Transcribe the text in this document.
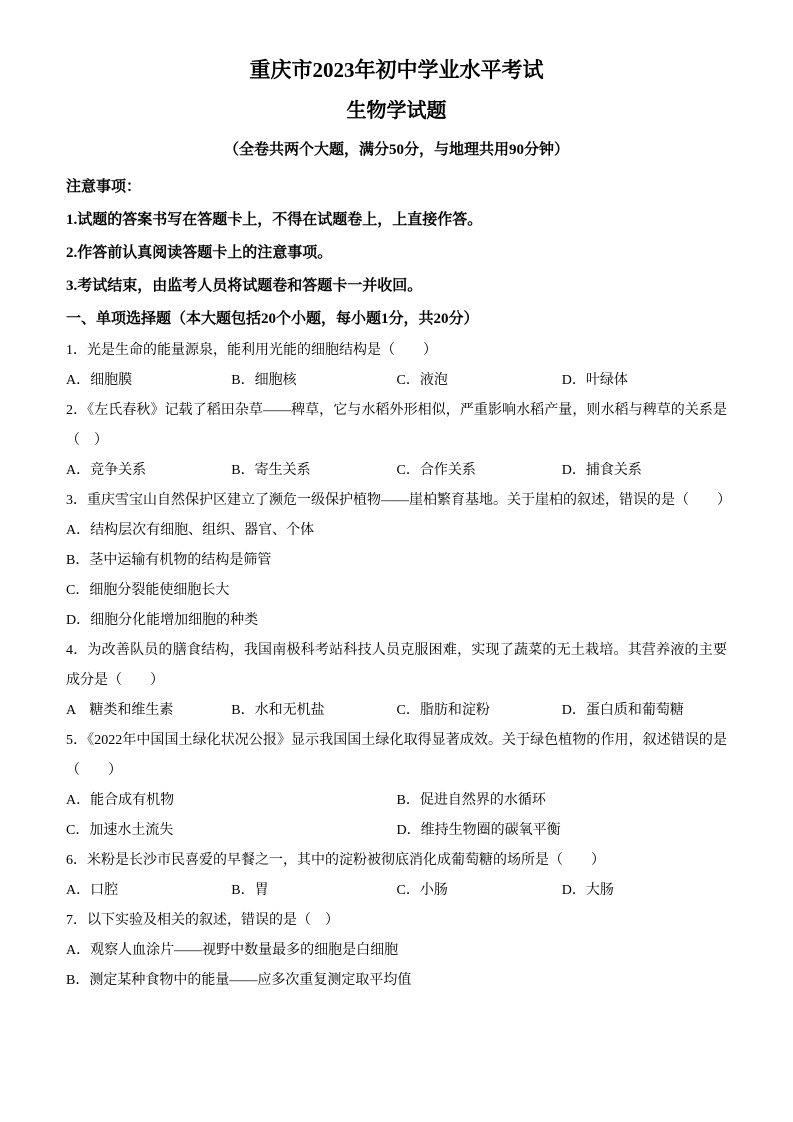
重庆市2023年初中学业水平考试
生物学试题
（全卷共两个大题，满分50分，与地理共用90分钟）
注意事项：
1.试题的答案书写在答题卡上，不得在试题卷上，上直接作答。
2.作答前认真阅读答题卡上的注意事项。
3.考试结束，由监考人员将试题卷和答题卡一并收回。
一、单项选择题（本大题包括20个小题，每小题1分，共20分）
1．光是生命的能量源泉，能利用光能的细胞结构是（　　）
A．细胞膜	B．细胞核	C．液泡	D．叶绿体
2．《左氏春秋》记载了稻田杂草——稗草，它与水稻外形相似，严重影响水稻产量，则水稻与稗草的关系是（　）
A．竞争关系	B．寄生关系	C．合作关系	D．捕食关系
3．重庆雪宝山自然保护区建立了濒危一级保护植物——崖柏繁育基地。关于崖柏的叙述，错误的是（　　）
A．结构层次有细胞、组织、器官、个体
B．茎中运输有机物的结构是筛管
C．细胞分裂能使细胞长大
D．细胞分化能增加细胞的种类
4．为改善队员的膳食结构，我国南极科考站科技人员克服困难，实现了蔬菜的无土栽培。其营养液的主要成分是（　　）
A　糖类和维生素	B．水和无机盐	C．脂肪和淀粉	D．蛋白质和葡萄糖
5．《2022年中国国土绿化状况公报》显示我国国土绿化取得显著成效。关于绿色植物的作用，叙述错误的是（　　）
A．能合成有机物	B．促进自然界的水循环
C．加速水土流失	D．维持生物圈的碳氧平衡
6．米粉是长沙市民喜爱的早餐之一，其中的淀粉被彻底消化成葡萄糖的场所是（　　）
A．口腔	B．胃	C．小肠	D．大肠
7．以下实验及相关的叙述，错误的是（　）
A．观察人血涂片——视野中数量最多的细胞是白细胞
B．测定某种食物中的能量——应多次重复测定取平均值
